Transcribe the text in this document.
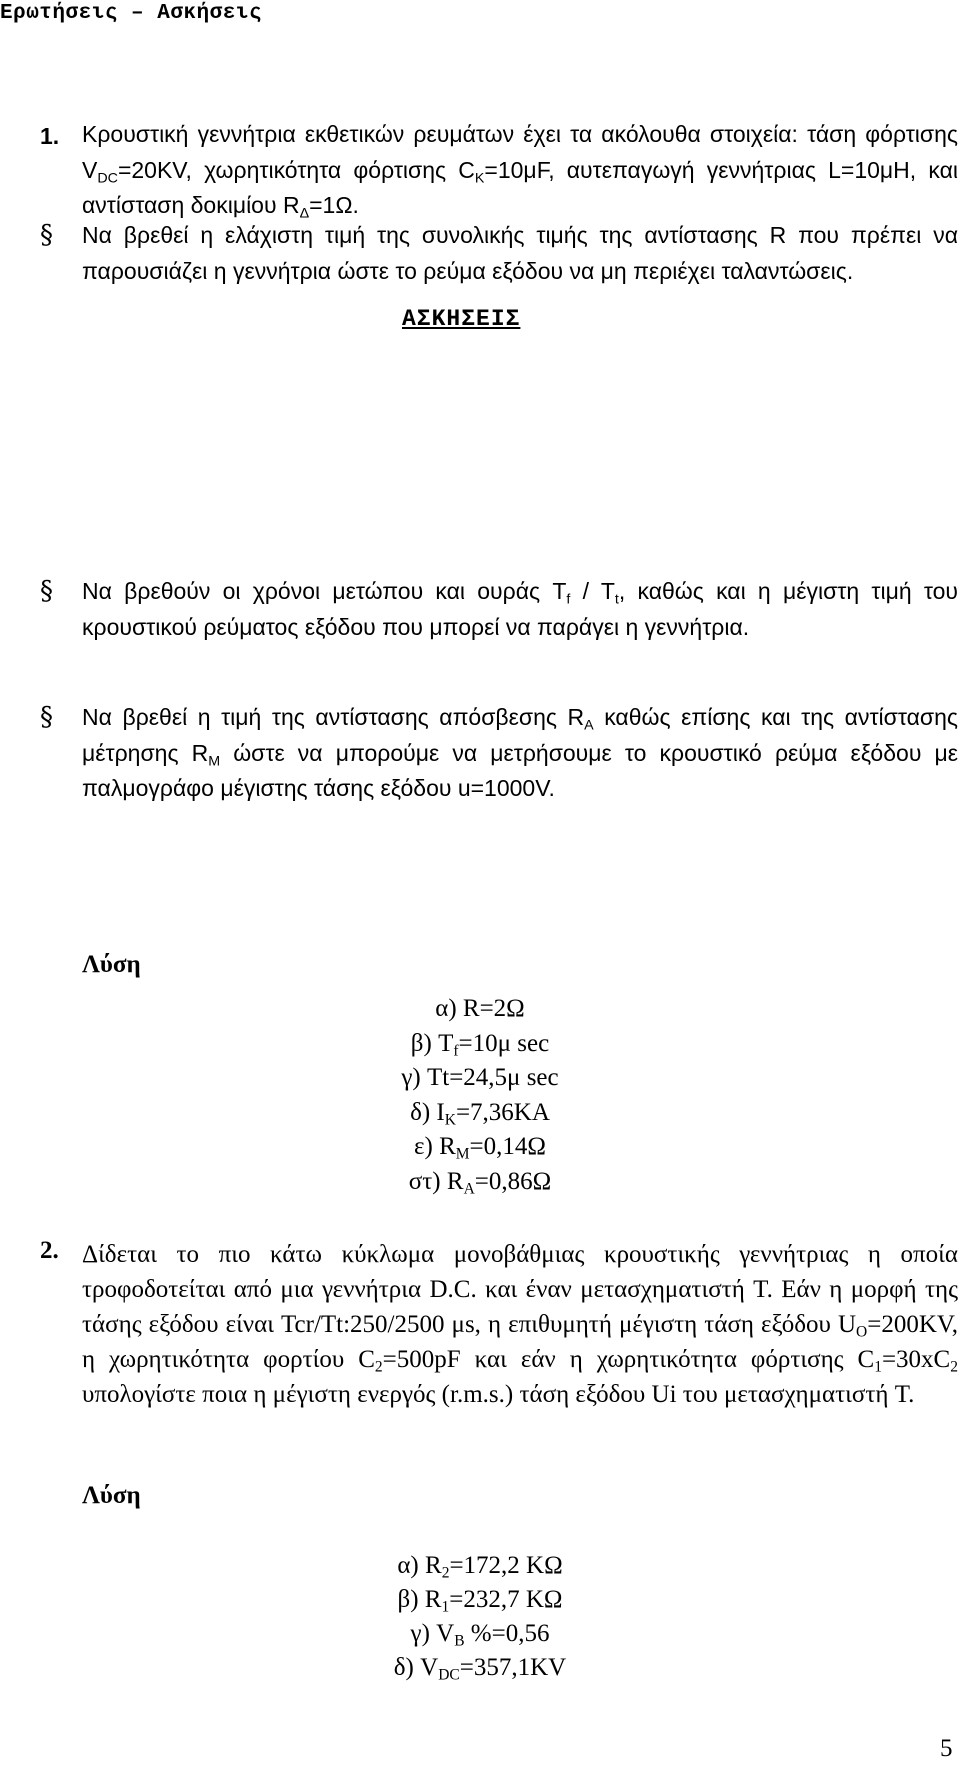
Ερωτήσεις – Ασκήσεις
ΑΣΚΗΣΕΙΣ
1. Κρουστική γεννήτρια εκθετικών ρευμάτων έχει τα ακόλουθα στοιχεία: τάση φόρτισης $V_{DC}=20KV$, χωρητικότητα φόρτισης $C_K=10\mu F$, αυτεπαγωγή γεννήτριας L=10μH, και αντίσταση δοκιμίου $R_\Delta=1\Omega$.
§ Να βρεθεί η ελάχιστη τιμή της συνολικής τιμής της αντίστασης R που πρέπει να παρουσιάζει η γεννήτρια ώστε το ρεύμα εξόδου να μη περιέχει ταλαντώσεις.
§ Να βρεθούν οι χρόνοι μετώπου και ουράς $T_f / T_t$, καθώς και η μέγιστη τιμή του κρουστικού ρεύματος εξόδου που μπορεί να παράγει η γεννήτρια.
§ Να βρεθεί η τιμή της αντίστασης απόσβεσης $R_A$ καθώς επίσης και της αντίστασης μέτρησης $R_M$ ώστε να μπορούμε να μετρήσουμε το κρουστικό ρεύμα εξόδου με παλμογράφο μέγιστης τάσης εξόδου u=1000V.
Λύση
α) R=2Ω
β) $T_f=10\mu$ sec
γ) Tt=24,5μ sec
δ) $I_K=7,36KA$
ε) $R_M=0,14\Omega$
στ) $R_A=0,86\Omega$
2. Δίδεται το πιο κάτω κύκλωμα μονοβάθμιας κρουστικής γεννήτριας η οποία τροφοδοτείται από μια γεννήτρια D.C. και έναν μετασχηματιστή T. Εάν η μορφή της τάσης εξόδου είναι Tcr/Tt:250/2500 μs, η επιθυμητή μέγιστη τάση εξόδου $U_O=200KV$, η χωρητικότητα φορτίου $C_2=500pF$ και εάν η χωρητικότητα φόρτισης $C_1=30xC_2$ υπολογίστε ποια η μέγιστη ενεργός (r.m.s.) τάση εξόδου Ui του μετασχηματιστή T.
Λύση
α) $R_2=172,2$ KΩ
β) $R_1=232,7$ KΩ
γ) $V_B$ %=0,56
δ) $V_{DC}=357,1KV$
5
